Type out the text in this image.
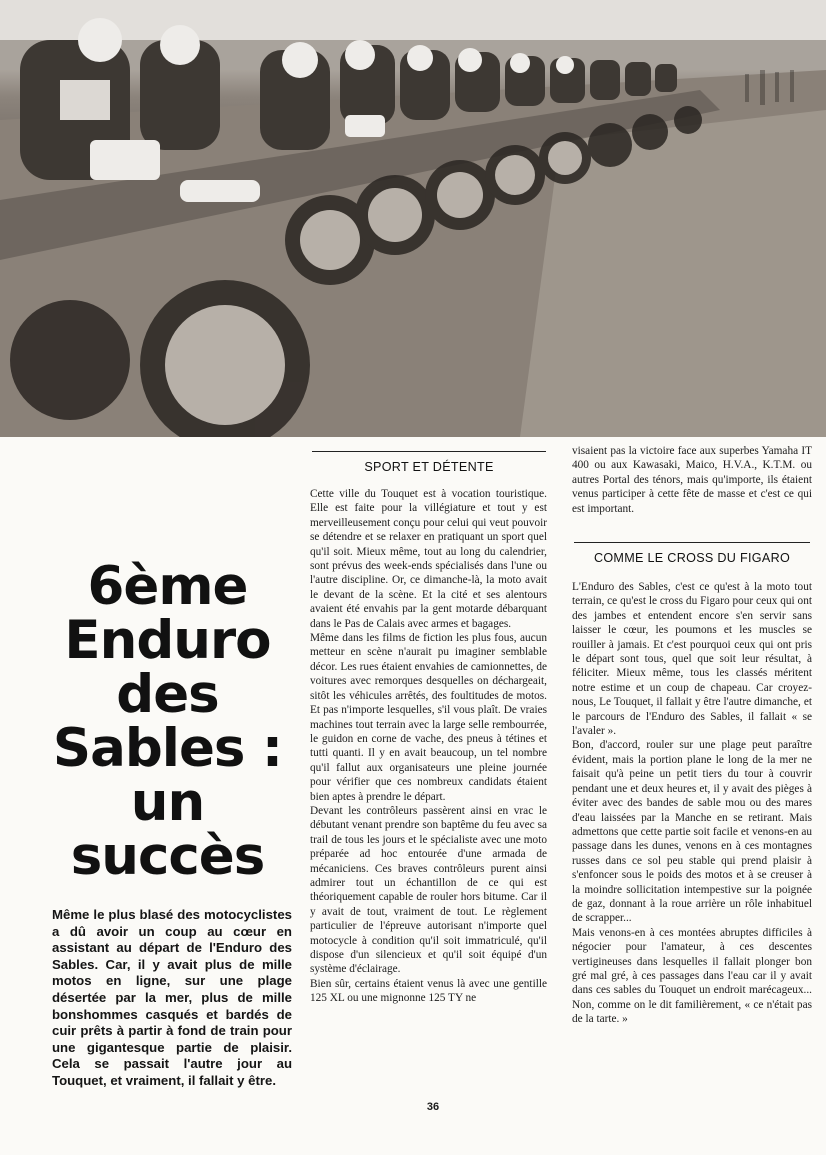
6ème
Enduro
des
Sables :
un
succès
Même le plus blasé des motocyclistes a dû avoir un coup au cœur en assistant au départ de l'Enduro des Sables. Car, il y avait plus de mille motos en ligne, sur une plage désertée par la mer, plus de mille bonshommes casqués et bardés de cuir prêts à partir à fond de train pour une gigantesque partie de plaisir. Cela se passait l'autre jour au Touquet, et vraiment, il fallait y être.
SPORT ET DÉTENTE

Cette ville du Touquet est à vocation touristique. Elle est faite pour la villégiature et tout y est merveilleusement conçu pour celui qui veut pouvoir se détendre et se relaxer en pratiquant un sport quel qu'il soit. Mieux même, tout au long du calendrier, sont prévus des week-ends spécialisés dans l'une ou l'autre discipline. Or, ce dimanche-là, la moto avait le devant de la scène. Et la cité et ses alentours avaient été envahis par la gent motarde débarquant dans le Pas de Calais avec armes et bagages.

Même dans les films de fiction les plus fous, aucun metteur en scène n'aurait pu imaginer semblable décor. Les rues étaient envahies de camionnettes, de voitures avec remorques desquelles on déchargeait, sitôt les véhicules arrêtés, des foultitudes de motos. Et pas n'importe lesquelles, s'il vous plaît. De vraies machines tout terrain avec la large selle rembourrée, le guidon en corne de vache, des pneus à tétines et tutti quanti. Il y en avait beaucoup, un tel nombre qu'il fallut aux organisateurs une pleine journée pour vérifier que ces nombreux candidats étaient bien aptes à prendre le départ.

Devant les contrôleurs passèrent ainsi en vrac le débutant venant prendre son baptême du feu avec sa trail de tous les jours et le spécialiste avec une moto préparée ad hoc entourée d'une armada de mécaniciens. Ces braves contrôleurs purent ainsi admirer tout un échantillon de ce qui est théoriquement capable de rouler hors bitume. Car il y avait de tout, vraiment de tout. Le règlement particulier de l'épreuve autorisant n'importe quel motocycle à condition qu'il soit immatriculé, qu'il dispose d'un silencieux et qu'il soit équipé d'un système d'éclairage.

Bien sûr, certains étaient venus là avec une gentille 125 XL ou une mignonne 125 TY ne

visaient pas la victoire face aux superbes Yamaha IT 400 ou aux Kawasaki, Maico, H.V.A., K.T.M. ou autres Portal des ténors, mais qu'importe, ils étaient venus participer à cette fête de masse et c'est ce qui est important.

COMME LE CROSS DU FIGARO

L'Enduro des Sables, c'est ce qu'est à la moto tout terrain, ce qu'est le cross du Figaro pour ceux qui ont des jambes et entendent encore s'en servir sans laisser le cœur, les poumons et les muscles se rouiller à jamais. Et c'est pourquoi ceux qui ont pris le départ sont tous, quel que soit leur résultat, à féliciter. Mieux même, tous les classés méritent notre estime et un coup de chapeau. Car croyez-nous, Le Touquet, il fallait y être l'autre dimanche, et le parcours de l'Enduro des Sables, il fallait « se l'avaler ».

Bon, d'accord, rouler sur une plage peut paraître évident, mais la portion plane le long de la mer ne faisait qu'à peine un petit tiers du tour à couvrir pendant une et deux heures et, il y avait des pièges à éviter avec des bandes de sable mou ou des mares d'eau laissées par la Manche en se retirant. Mais admettons que cette partie soit facile et venons-en au passage dans les dunes, venons en à ces montagnes russes dans ce sol peu stable qui prend plaisir à s'enfoncer sous le poids des motos et à se creuser à la moindre sollicitation intempestive sur la poignée de gaz, donnant à la roue arrière un rôle inhabituel de scrapper...

Mais venons-en à ces montées abruptes difficiles à négocier pour l'amateur, à ces descentes vertigineuses dans lesquelles il fallait plonger bon gré mal gré, à ces passages dans l'eau car il y avait dans ces sables du Touquet un endroit marécageux... Non, comme on le dit familièrement, « ce n'était pas de la tarte. »

36
